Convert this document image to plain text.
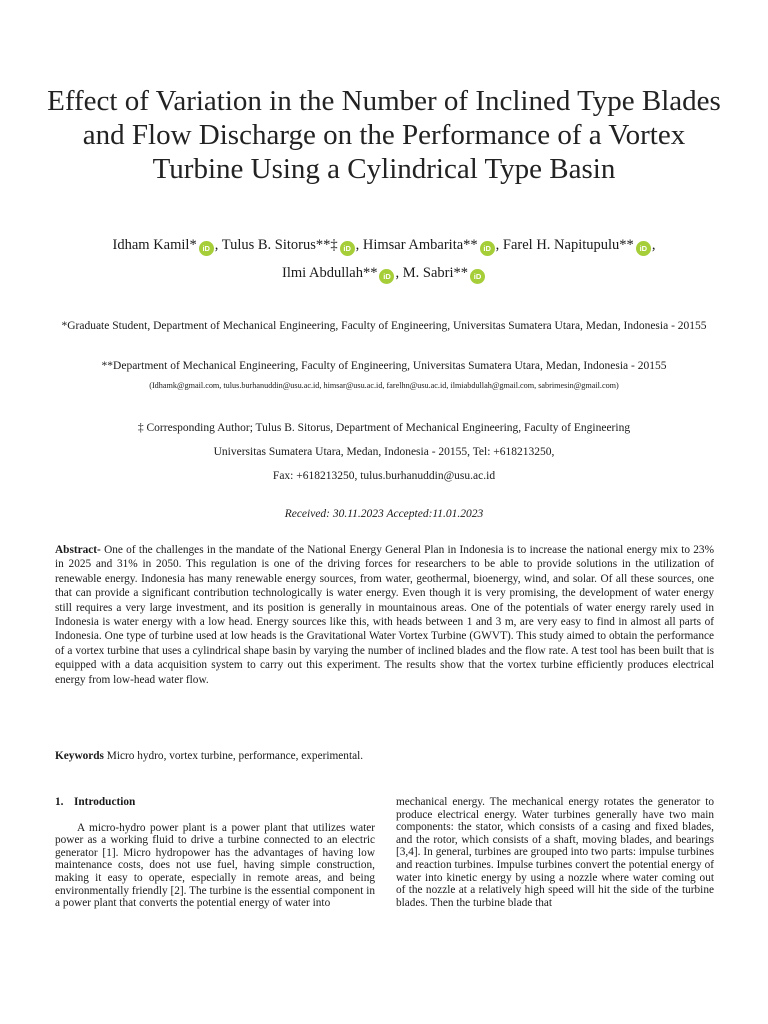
Effect of Variation in the Number of Inclined Type Blades and Flow Discharge on the Performance of a Vortex Turbine Using a Cylindrical Type Basin
Idham Kamil* iD , Tulus B. Sitorus**‡ iD , Himsar Ambarita** iD , Farel H. Napitupulu** iD ,
Ilmi Abdullah** iD , M. Sabri** iD
*Graduate Student, Department of Mechanical Engineering, Faculty of Engineering, Universitas Sumatera Utara, Medan, Indonesia - 20155
**Department of Mechanical Engineering, Faculty of Engineering, Universitas Sumatera Utara, Medan, Indonesia - 20155
(Idhamk@gmail.com, tulus.burhanuddin@usu.ac.id, himsar@usu.ac.id, farelhn@usu.ac.id, ilmiabdullah@gmail.com, sabrimesin@gmail.com)
‡ Corresponding Author; Tulus B. Sitorus, Department of Mechanical Engineering, Faculty of Engineering
Universitas Sumatera Utara, Medan, Indonesia - 20155, Tel: +618213250,
Fax: +618213250, tulus.burhanuddin@usu.ac.id
Received: 30.11.2023 Accepted:11.01.2023

Abstract- One of the challenges in the mandate of the National Energy General Plan in Indonesia is to increase the national energy mix to 23% in 2025 and 31% in 2050. This regulation is one of the driving forces for researchers to be able to provide solutions in the utilization of renewable energy. Indonesia has many renewable energy sources, from water, geothermal, bioenergy, wind, and solar. Of all these sources, one that can provide a significant contribution technologically is water energy. Even though it is very promising, the development of water energy still requires a very large investment, and its position is generally in mountainous areas. One of the potentials of water energy rarely used in Indonesia is water energy with a low head. Energy sources like this, with heads between 1 and 3 m, are very easy to find in almost all parts of Indonesia. One type of turbine used at low heads is the Gravitational Water Vortex Turbine (GWVT). This study aimed to obtain the performance of a vortex turbine that uses a cylindrical shape basin by varying the number of inclined blades and the flow rate. A test tool has been built that is equipped with a data acquisition system to carry out this experiment. The results show that the vortex turbine efficiently produces electrical energy from low-head water flow.

Keywords Micro hydro, vortex turbine, performance, experimental.

1. Introduction

A micro-hydro power plant is a power plant that utilizes water power as a working fluid to drive a turbine connected to an electric generator [1]. Micro hydropower has the advantages of having low maintenance costs, does not use fuel, having simple construction, making it easy to operate, especially in remote areas, and being environmentally friendly [2]. The turbine is the essential component in a power plant that converts the potential energy of water into

mechanical energy. The mechanical energy rotates the generator to produce electrical energy. Water turbines generally have two main components: the stator, which consists of a casing and fixed blades, and the rotor, which consists of a shaft, moving blades, and bearings [3,4]. In general, turbines are grouped into two parts: impulse turbines and reaction turbines. Impulse turbines convert the potential energy of water into kinetic energy by using a nozzle where water coming out of the nozzle at a relatively high speed will hit the side of the turbine blades. Then the turbine blade that
